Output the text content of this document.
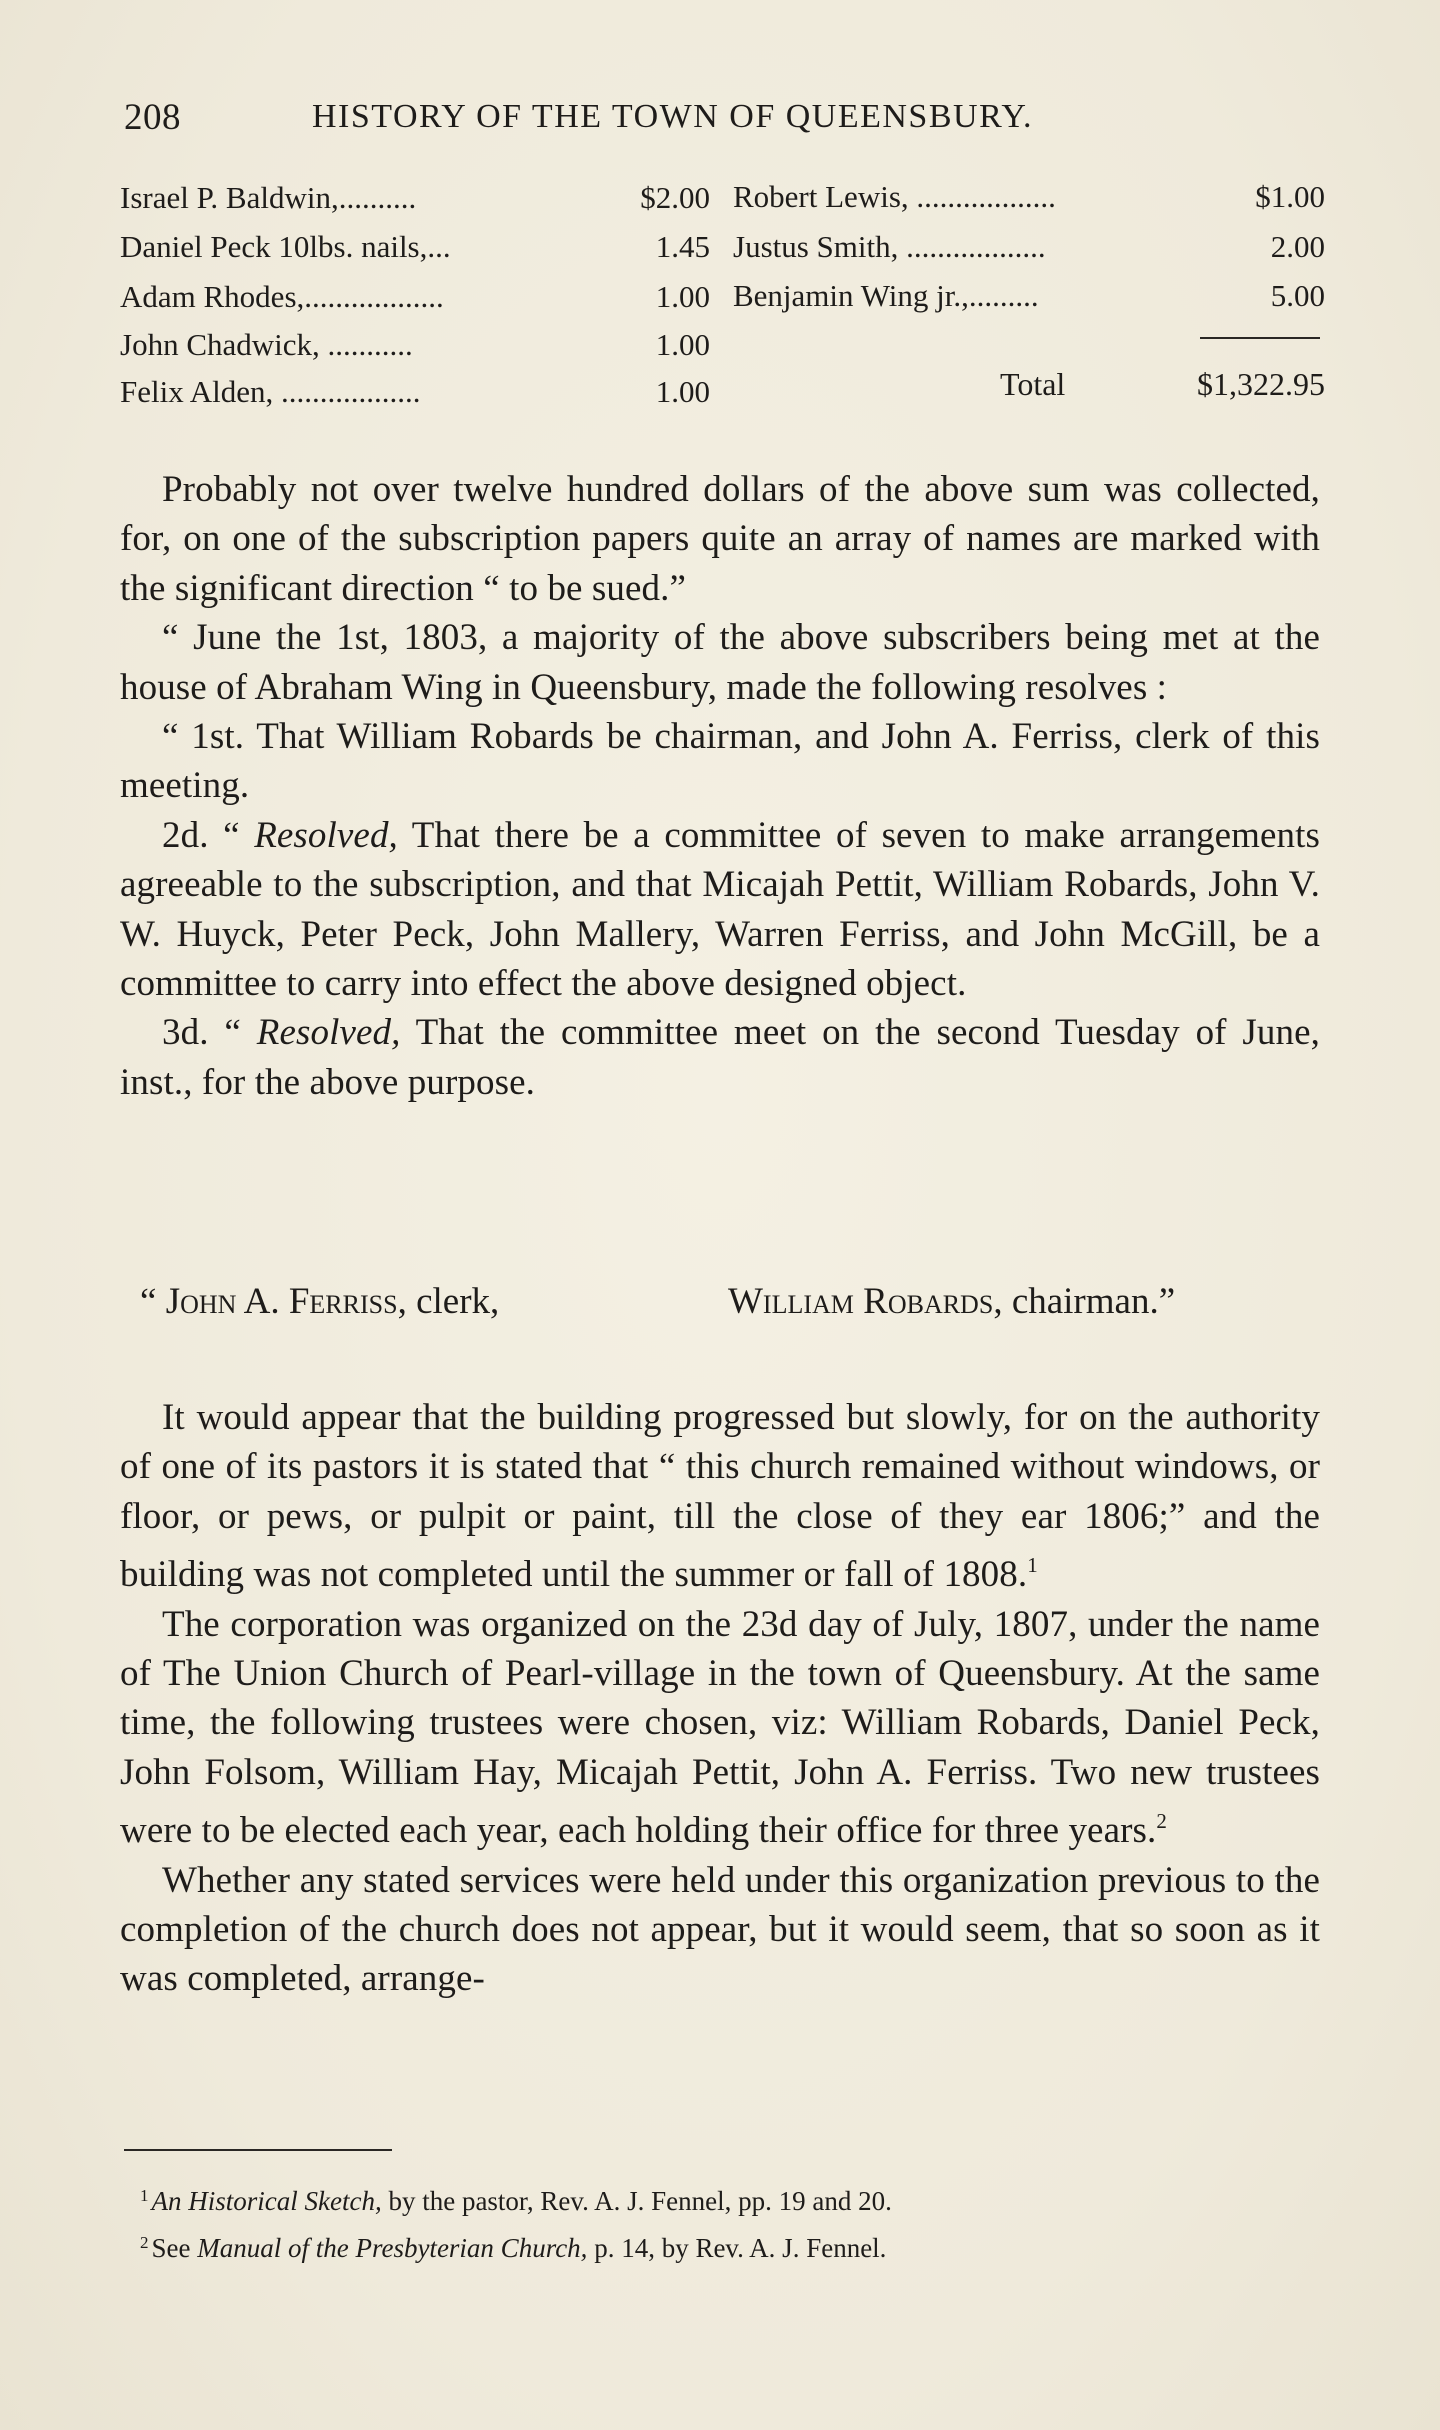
208	HISTORY OF THE TOWN OF QUEENSBURY.
Israel P. Baldwin,..........	$2.00
Daniel Peck 10lbs. nails,...	1.45
Adam Rhodes,..................	1.00
John Chadwick, ...........	1.00
Felix Alden, ..................	1.00
Robert Lewis, ..................	$1.00
Justus Smith, ..................	2.00
Benjamin Wing jr.,.........	5.00
Total	$1,322.95

Probably not over twelve hundred dollars of the above sum was collected, for, on one of the subscription papers quite an array of names are marked with the significant direction “ to be sued.”

“ June the 1st, 1803, a majority of the above subscribers being met at the house of Abraham Wing in Queensbury, made the following resolves :

“ 1st. That William Robards be chairman, and John A. Ferriss, clerk of this meeting.

2d. “ Resolved, That there be a committee of seven to make arrangements agreeable to the subscription, and that Micajah Pettit, William Robards, John V. W. Huyck, Peter Peck, John Mallery, Warren Ferriss, and John McGill, be a committee to carry into effect the above designed object.

3d. “ Resolved, That the committee meet on the second Tuesday of June, inst., for the above purpose.

“ John A. Ferriss, clerk,	William Robards, chairman.”

It would appear that the building progressed but slowly, for on the authority of one of its pastors it is stated that “ this church remained without windows, or floor, or pews, or pulpit or paint, till the close of they ear 1806;” and the building was not completed until the summer or fall of 1808.$^1$

The corporation was organized on the 23d day of July, 1807, under the name of The Union Church of Pearl-village in the town of Queensbury. At the same time, the following trustees were chosen, viz: William Robards, Daniel Peck, John Folsom, William Hay, Micajah Pettit, John A. Ferriss. Two new trustees were to be elected each year, each holding their office for three years.$^2$

Whether any stated services were held under this organization previous to the completion of the church does not appear, but it would seem, that so soon as it was completed, arrange-

$^1$ An Historical Sketch, by the pastor, Rev. A. J. Fennel, pp. 19 and 20.
$^2$ See Manual of the Presbyterian Church, p. 14, by Rev. A. J. Fennel.
